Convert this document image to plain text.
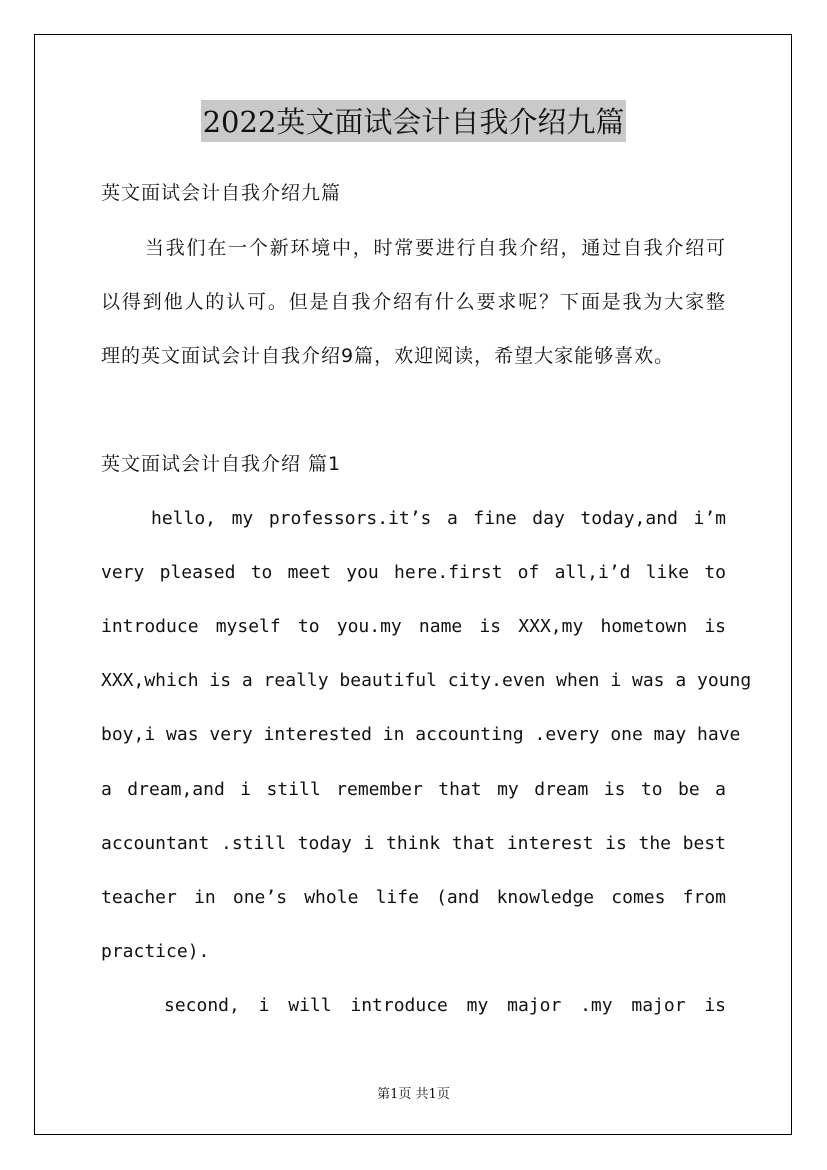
2022英文面试会计自我介绍九篇
英文面试会计自我介绍九篇
当我们在一个新环境中，时常要进行自我介绍，通过自我介绍可
以得到他人的认可。但是自我介绍有什么要求呢？下面是我为大家整
理的英文面试会计自我介绍9篇，欢迎阅读，希望大家能够喜欢。
英文面试会计自我介绍 篇1
hello, my professors.it’s a fine day today,and i’m
very pleased to meet you here.first of all,i’d like to
introduce myself to you.my name is XXX,my hometown is
XXX,which is a really beautiful city.even when i was a young
boy,i was very interested in accounting .every one may have
a dream,and i still remember that my dream is to be a
accountant .still today i think that interest is the best
teacher in one’s whole life (and knowledge comes from
practice).
second, i will introduce my major .my major is
第1页 共1页
